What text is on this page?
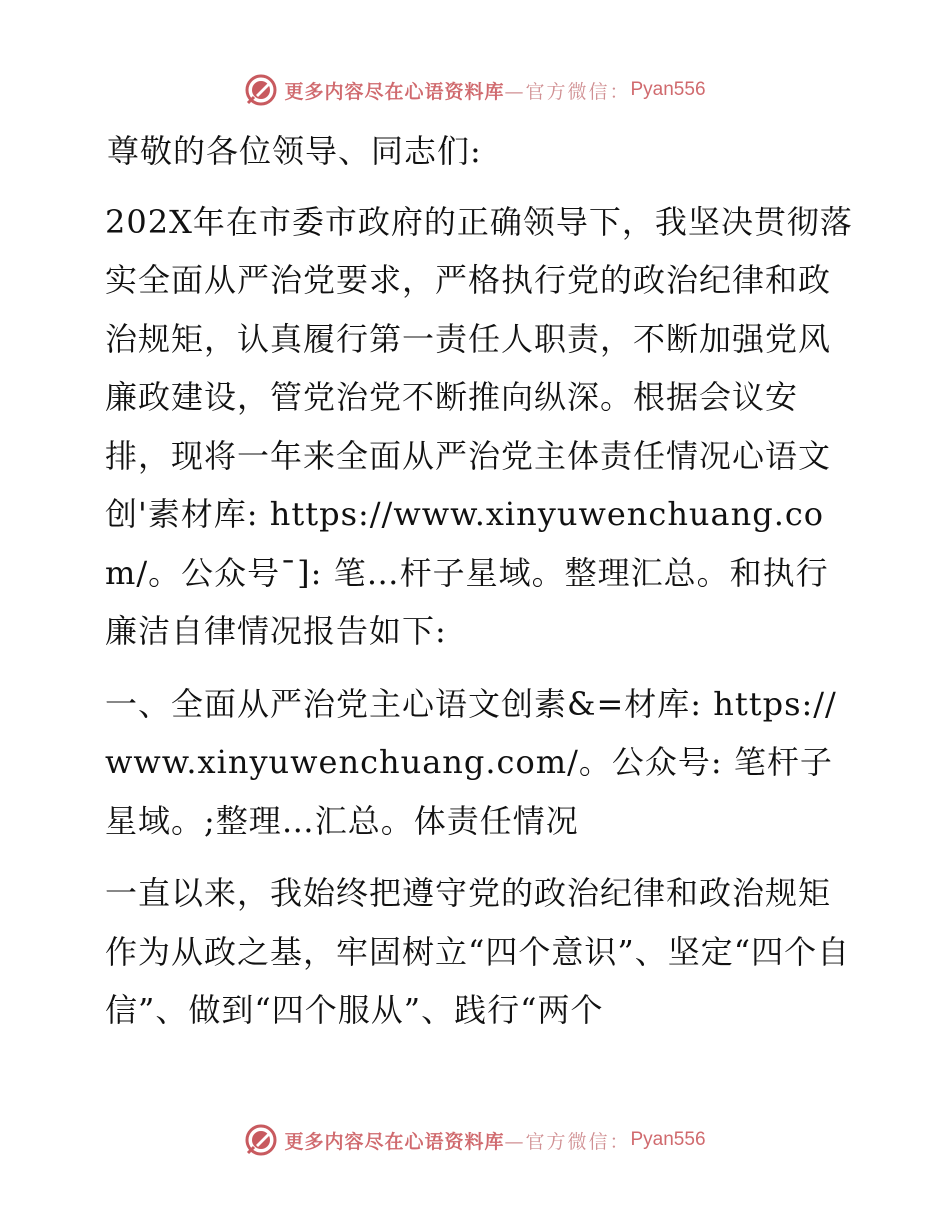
更多内容尽在心语资料库 —官方微信： Pyan556

尊敬的各位领导、同志们:

202X年在市委市政府的正确领导下，我坚决贯彻落实全面从严治党要求，严格执行党的政治纪律和政治规矩，认真履行第一责任人职责，不断加强党风廉政建设，管党治党不断推向纵深。根据会议安排，现将一年来全面从严治党主体责任情况心语文创'素材库: https://www.xinyuwenchuang.com/。公众号¯]: 笔…杆子星域。整理汇总。和执行廉洁自律情况报告如下:

一、全面从严治党主心语文创素&=材库: https://www.xinyuwenchuang.com/。公众号: 笔杆子星域。;整理…汇总。体责任情况

一直以来，我始终把遵守党的政治纪律和政治规矩作为从政之基，牢固树立“四个意识”、坚定“四个自信”、做到“四个服从”、践行“两个

更多内容尽在心语资料库 —官方微信： Pyan556
